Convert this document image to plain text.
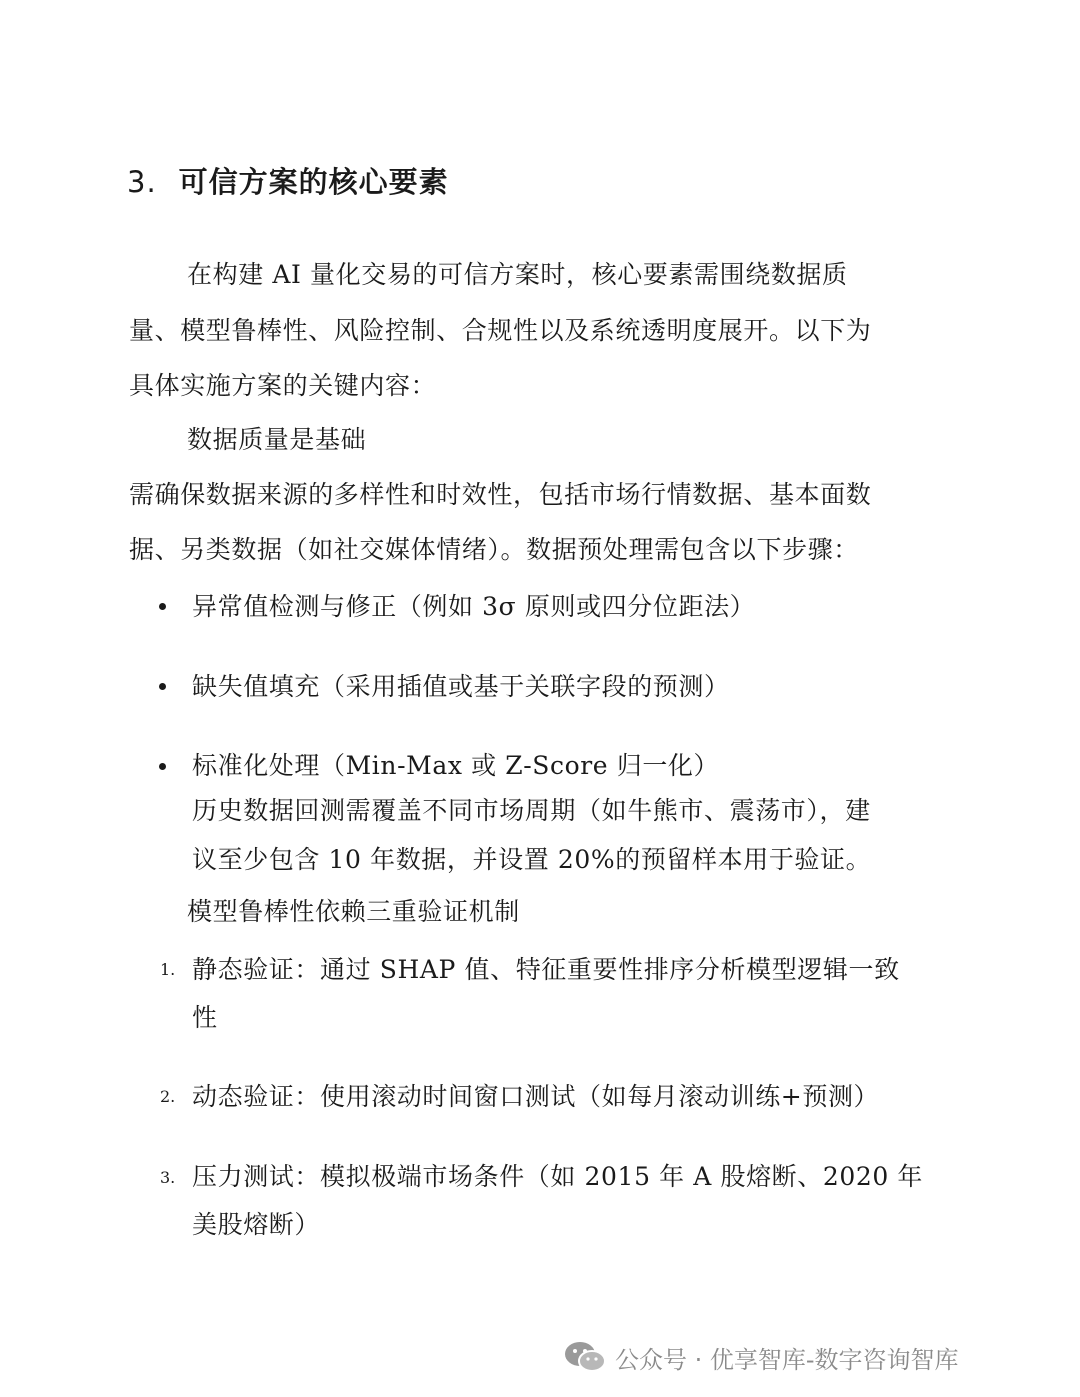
3. 可信方案的核心要素
在构建 AI 量化交易的可信方案时，核心要素需围绕数据质
量、模型鲁棒性、风险控制、合规性以及系统透明度展开。以下为
具体实施方案的关键内容：
数据质量是基础
需确保数据来源的多样性和时效性，包括市场行情数据、基本面数
据、另类数据（如社交媒体情绪）。数据预处理需包含以下步骤：
异常值检测与修正（例如 3σ 原则或四分位距法）
缺失值填充（采用插值或基于关联字段的预测）
标准化处理（Min-Max 或 Z-Score 归一化）
历史数据回测需覆盖不同市场周期（如牛熊市、震荡市），建
议至少包含 10 年数据，并设置 20%的预留样本用于验证。
模型鲁棒性依赖三重验证机制
1. 静态验证：通过 SHAP 值、特征重要性排序分析模型逻辑一致
性
2. 动态验证：使用滚动时间窗口测试（如每月滚动训练+预测）
3. 压力测试：模拟极端市场条件（如 2015 年 A 股熔断、2020 年
美股熔断）
公众号 · 优享智库-数字咨询智库
